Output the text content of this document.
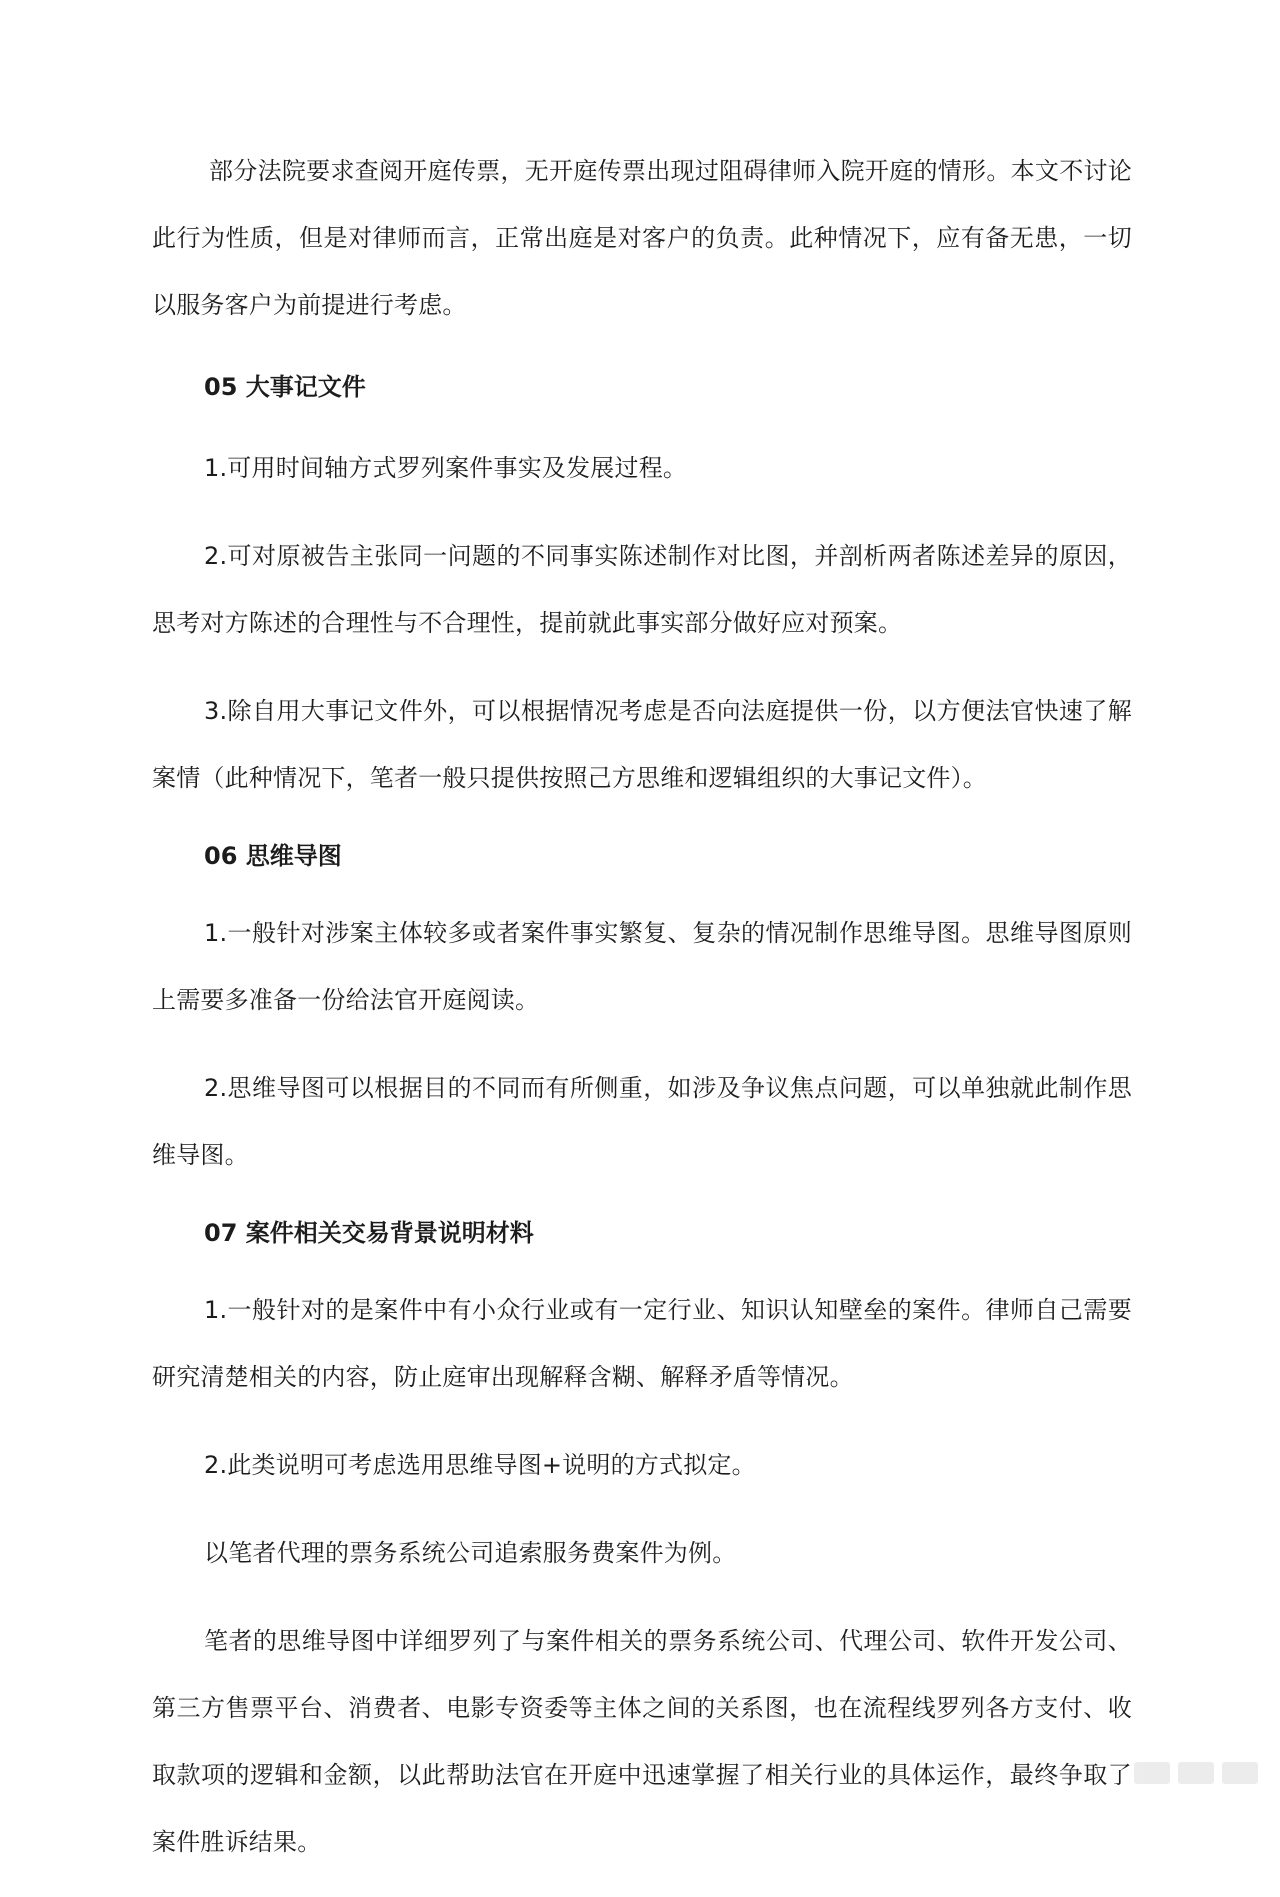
部分法院要求查阅开庭传票，无开庭传票出现过阻碍律师入院开庭的情形。本文不讨论此行为性质，但是对律师而言，正常出庭是对客户的负责。此种情况下，应有备无患，一切以服务客户为前提进行考虑。

05 大事记文件

1.可用时间轴方式罗列案件事实及发展过程。

2.可对原被告主张同一问题的不同事实陈述制作对比图，并剖析两者陈述差异的原因，思考对方陈述的合理性与不合理性，提前就此事实部分做好应对预案。

3.除自用大事记文件外，可以根据情况考虑是否向法庭提供一份，以方便法官快速了解案情（此种情况下，笔者一般只提供按照己方思维和逻辑组织的大事记文件）。

06 思维导图

1.一般针对涉案主体较多或者案件事实繁复、复杂的情况制作思维导图。思维导图原则上需要多准备一份给法官开庭阅读。

2.思维导图可以根据目的不同而有所侧重，如涉及争议焦点问题，可以单独就此制作思维导图。

07 案件相关交易背景说明材料

1.一般针对的是案件中有小众行业或有一定行业、知识认知壁垒的案件。律师自己需要研究清楚相关的内容，防止庭审出现解释含糊、解释矛盾等情况。

2.此类说明可考虑选用思维导图+说明的方式拟定。

以笔者代理的票务系统公司追索服务费案件为例。

笔者的思维导图中详细罗列了与案件相关的票务系统公司、代理公司、软件开发公司、第三方售票平台、消费者、电影专资委等主体之间的关系图，也在流程线罗列各方支付、收取款项的逻辑和金额，以此帮助法官在开庭中迅速掌握了相关行业的具体运作，最终争取了案件胜诉结果。
